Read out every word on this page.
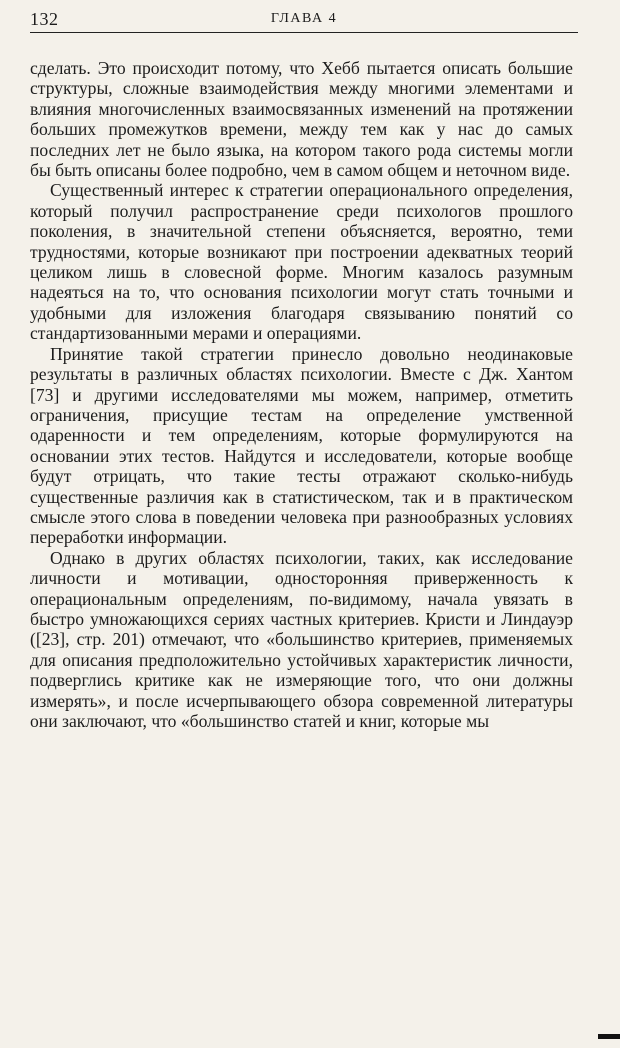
132	ГЛАВА 4

сделать. Это происходит потому, что Хебб пытается описать большие структуры, сложные взаимодействия между многими элементами и влияния многочисленных взаимосвязанных изменений на протяжении больших промежутков времени, между тем как у нас до самых последних лет не было языка, на котором такого рода системы могли бы быть описаны более подробно, чем в самом общем и неточном виде.

Существенный интерес к стратегии операционального определения, который получил распространение среди психологов прошлого поколения, в значительной степени объясняется, вероятно, теми трудностями, которые возникают при построении адекватных теорий целиком лишь в словесной форме. Многим казалось разумным надеяться на то, что основания психологии могут стать точными и удобными для изложения благодаря связыванию понятий со стандартизованными мерами и операциями.

Принятие такой стратегии принесло довольно неодинаковые результаты в различных областях психологии. Вместе с Дж. Хантом [73] и другими исследователями мы можем, например, отметить ограничения, присущие тестам на определение умственной одаренности и тем определениям, которые формулируются на основании этих тестов. Найдутся и исследователи, которые вообще будут отрицать, что такие тесты отражают сколько-нибудь существенные различия как в статистическом, так и в практическом смысле этого слова в поведении человека при разнообразных условиях переработки информации.

Однако в других областях психологии, таких, как исследование личности и мотивации, односторонняя приверженность к операциональным определениям, по-видимому, начала увязать в быстро умножающихся сериях частных критериев. Кристи и Линдауэр ([23], стр. 201) отмечают, что «большинство критериев, применяемых для описания предположительно устойчивых характеристик личности, подверглись критике как не измеряющие того, что они должны измерять», и после исчерпывающего обзора современной литературы они заключают, что «большинство статей и книг, которые мы
